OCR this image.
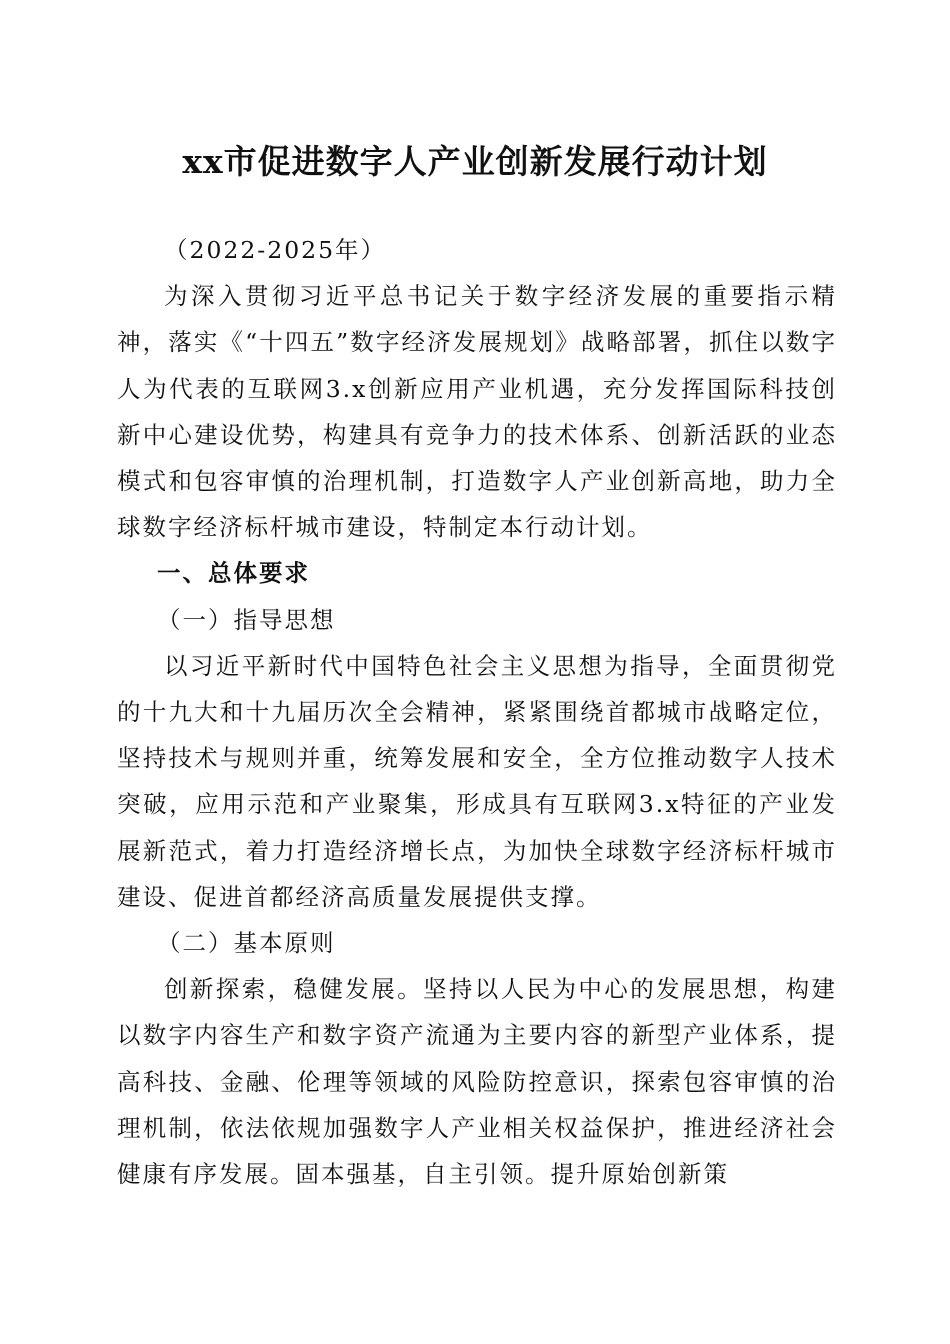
xx市促进数字人产业创新发展行动计划

（2022-2025年）

为深入贯彻习近平总书记关于数字经济发展的重要指示精神，落实《“十四五”数字经济发展规划》战略部署，抓住以数字人为代表的互联网3.x创新应用产业机遇，充分发挥国际科技创新中心建设优势，构建具有竞争力的技术体系、创新活跃的业态模式和包容审慎的治理机制，打造数字人产业创新高地，助力全球数字经济标杆城市建设，特制定本行动计划。

一、总体要求

（一）指导思想

以习近平新时代中国特色社会主义思想为指导，全面贯彻党的十九大和十九届历次全会精神，紧紧围绕首都城市战略定位，坚持技术与规则并重，统筹发展和安全，全方位推动数字人技术突破，应用示范和产业聚集，形成具有互联网3.x特征的产业发展新范式，着力打造经济增长点，为加快全球数字经济标杆城市建设、促进首都经济高质量发展提供支撑。

（二）基本原则

创新探索，稳健发展。坚持以人民为中心的发展思想，构建以数字内容生产和数字资产流通为主要内容的新型产业体系，提高科技、金融、伦理等领域的风险防控意识，探索包容审慎的治理机制，依法依规加强数字人产业相关权益保护，推进经济社会健康有序发展。固本强基，自主引领。提升原始创新策
